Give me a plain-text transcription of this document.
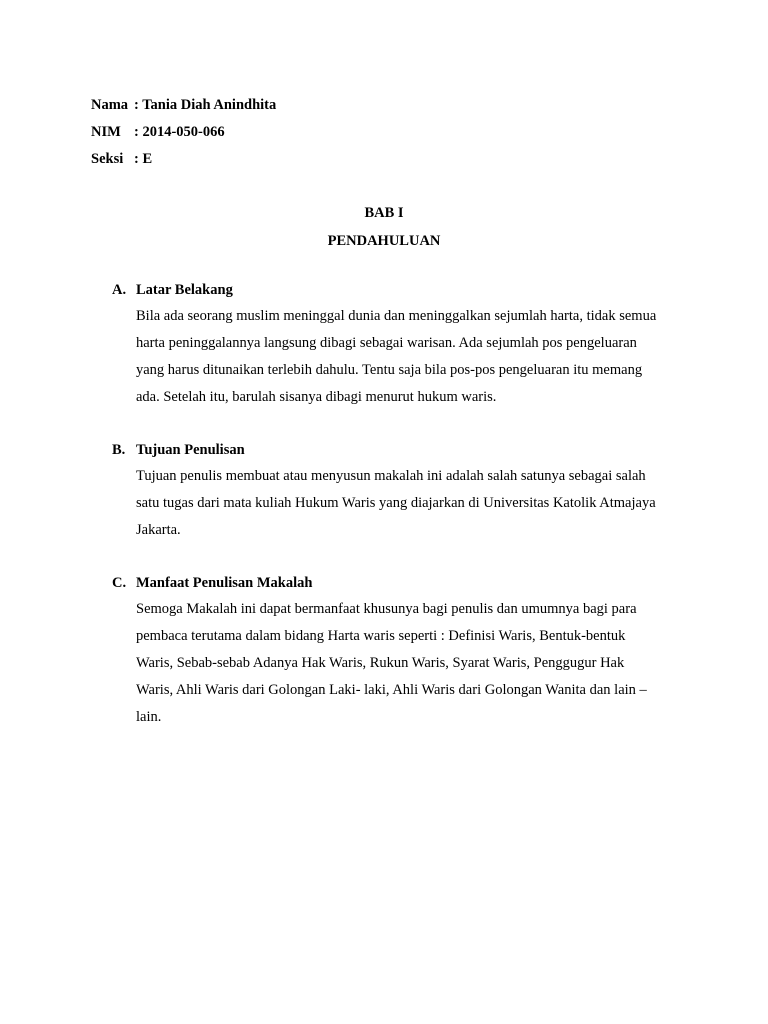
Nama : Tania Diah Anindhita
NIM : 2014-050-066
Seksi : E
BAB I
PENDAHULUAN
A. Latar Belakang
Bila ada seorang muslim meninggal dunia dan meninggalkan sejumlah harta, tidak semua
harta peninggalannya langsung dibagi sebagai warisan. Ada sejumlah pos pengeluaran
yang harus ditunaikan terlebih dahulu. Tentu saja bila pos-pos pengeluaran itu memang
ada. Setelah itu, barulah sisanya dibagi menurut hukum waris.
B. Tujuan Penulisan
Tujuan penulis membuat atau menyusun makalah ini adalah salah satunya sebagai salah
satu tugas dari mata kuliah Hukum Waris yang diajarkan di Universitas Katolik Atmajaya
Jakarta.
C. Manfaat Penulisan Makalah
Semoga Makalah ini dapat bermanfaat khusunya bagi penulis dan umumnya bagi para
pembaca terutama dalam bidang Harta waris seperti : Definisi Waris, Bentuk-bentuk
Waris, Sebab-sebab Adanya Hak Waris, Rukun Waris, Syarat Waris, Penggugur Hak
Waris, Ahli Waris dari Golongan Laki- laki, Ahli Waris dari Golongan Wanita dan lain –
lain.
